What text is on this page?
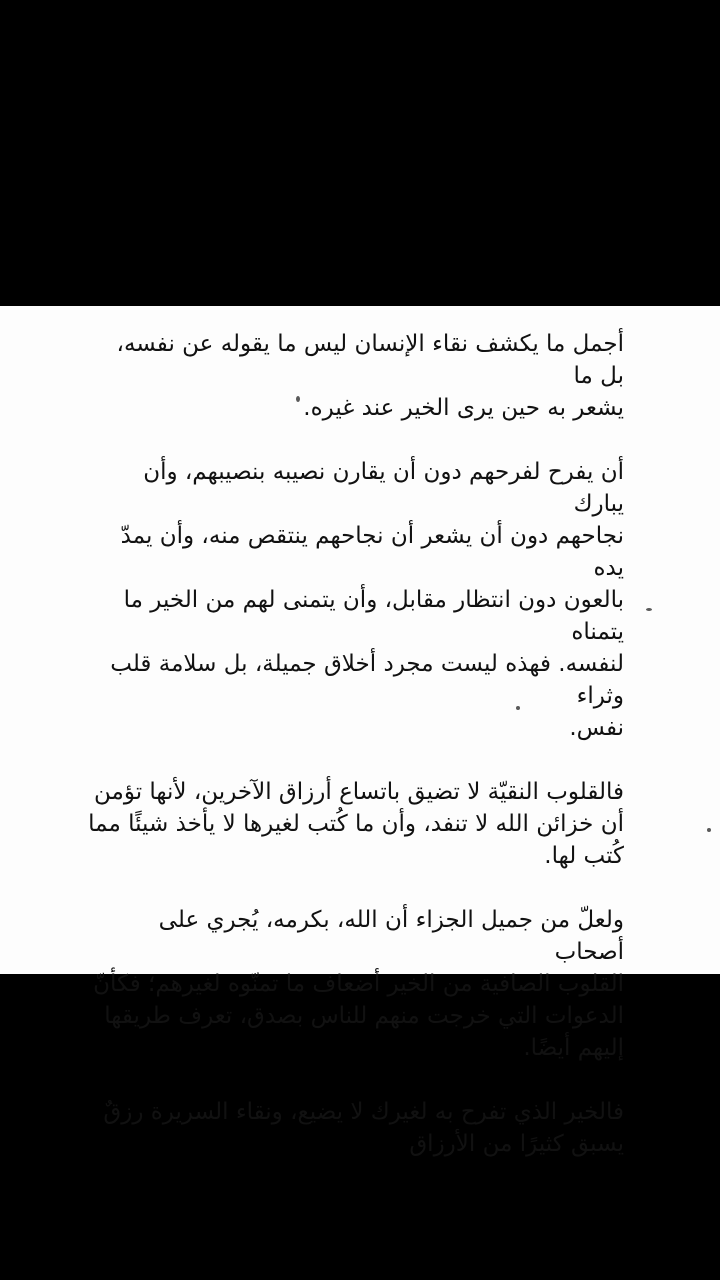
أجمل ما يكشف نقاء الإنسان ليس ما يقوله عن نفسه، بل ما
يشعر به حين يرى الخير عند غيره.

أن يفرح لفرحهم دون أن يقارن نصيبه بنصيبهم، وأن يبارك
نجاحهم دون أن يشعر أن نجاحهم ينتقص منه، وأن يمدّ يده
بالعون دون انتظار مقابل، وأن يتمنى لهم من الخير ما يتمناه
لنفسه. فهذه ليست مجرد أخلاق جميلة، بل سلامة قلب وثراء
نفس.

فالقلوب النقيّة لا تضيق باتساع أرزاق الآخرين، لأنها تؤمن
أن خزائن الله لا تنفد، وأن ما كُتب لغيرها لا يأخذ شيئًا مما
كُتب لها.

ولعلّ من جميل الجزاء أن الله، بكرمه، يُجري على أصحاب
القلوب الصافية من الخير أضعاف ما تمنّوه لغيرهم؛ فكأنّ
الدعوات التي خرجت منهم للناس بصدق، تعرف طريقها
إليهم أيضًا.

فالخير الذي تفرح به لغيرك لا يضيع، ونقاء السريرة رزقٌ
يسبق كثيرًا من الأرزاق
